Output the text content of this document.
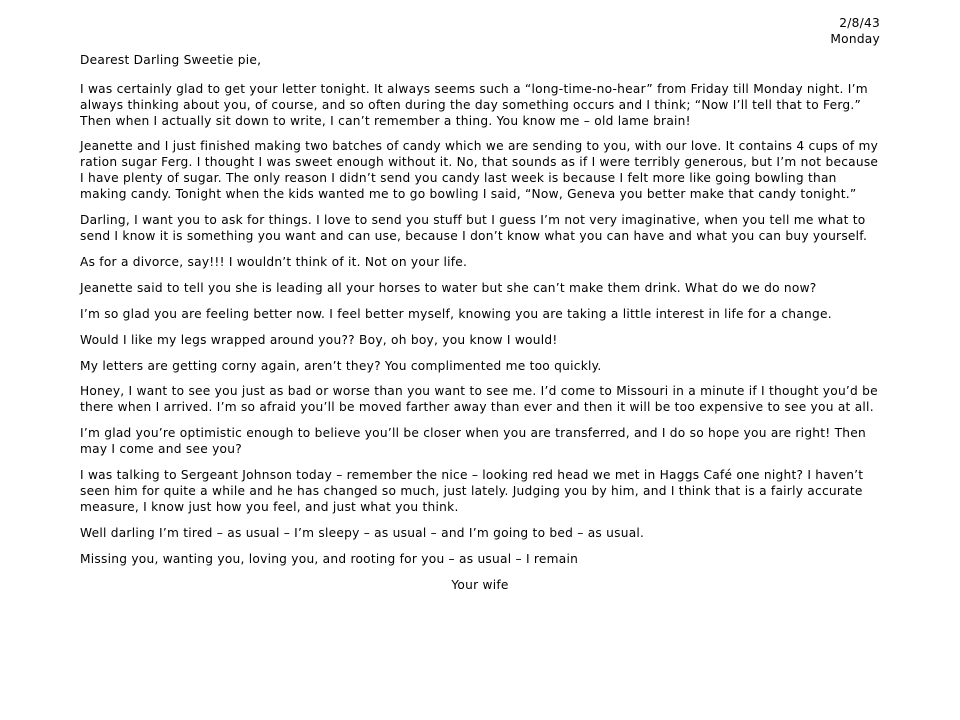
2/8/43
Monday

Dearest Darling Sweetie pie,

I was certainly glad to get your letter tonight. It always seems such a “long-time-no-hear” from Friday till Monday night. I’m always thinking about you, of course, and so often during the day something occurs and I think; “Now I’ll tell that to Ferg.” Then when I actually sit down to write, I can’t remember a thing. You know me – old lame brain!

Jeanette and I just finished making two batches of candy which we are sending to you, with our love. It contains 4 cups of my ration sugar Ferg. I thought I was sweet enough without it. No, that sounds as if I were terribly generous, but I’m not because I have plenty of sugar. The only reason I didn’t send you candy last week is because I felt more like going bowling than making candy. Tonight when the kids wanted me to go bowling I said, “Now, Geneva you better make that candy tonight.”

Darling, I want you to ask for things. I love to send you stuff but I guess I’m not very imaginative, when you tell me what to send I know it is something you want and can use, because I don’t know what you can have and what you can buy yourself.

As for a divorce, say!!! I wouldn’t think of it. Not on your life.

Jeanette said to tell you she is leading all your horses to water but she can’t make them drink. What do we do now?

I’m so glad you are feeling better now. I feel better myself, knowing you are taking a little interest in life for a change.

Would I like my legs wrapped around you?? Boy, oh boy, you know I would!

My letters are getting corny again, aren’t they? You complimented me too quickly.

Honey, I want to see you just as bad or worse than you want to see me. I’d come to Missouri in a minute if I thought you’d be there when I arrived. I’m so afraid you’ll be moved farther away than ever and then it will be too expensive to see you at all.

I’m glad you’re optimistic enough to believe you’ll be closer when you are transferred, and I do so hope you are right! Then may I come and see you?

I was talking to Sergeant Johnson today – remember the nice – looking red head we met in Haggs Café one night? I haven’t seen him for quite a while and he has changed so much, just lately. Judging you by him, and I think that is a fairly accurate measure, I know just how you feel, and just what you think.

Well darling I’m tired – as usual – I’m sleepy – as usual – and I’m going to bed – as usual.

Missing you, wanting you, loving you, and rooting for you – as usual – I remain

Your wife
